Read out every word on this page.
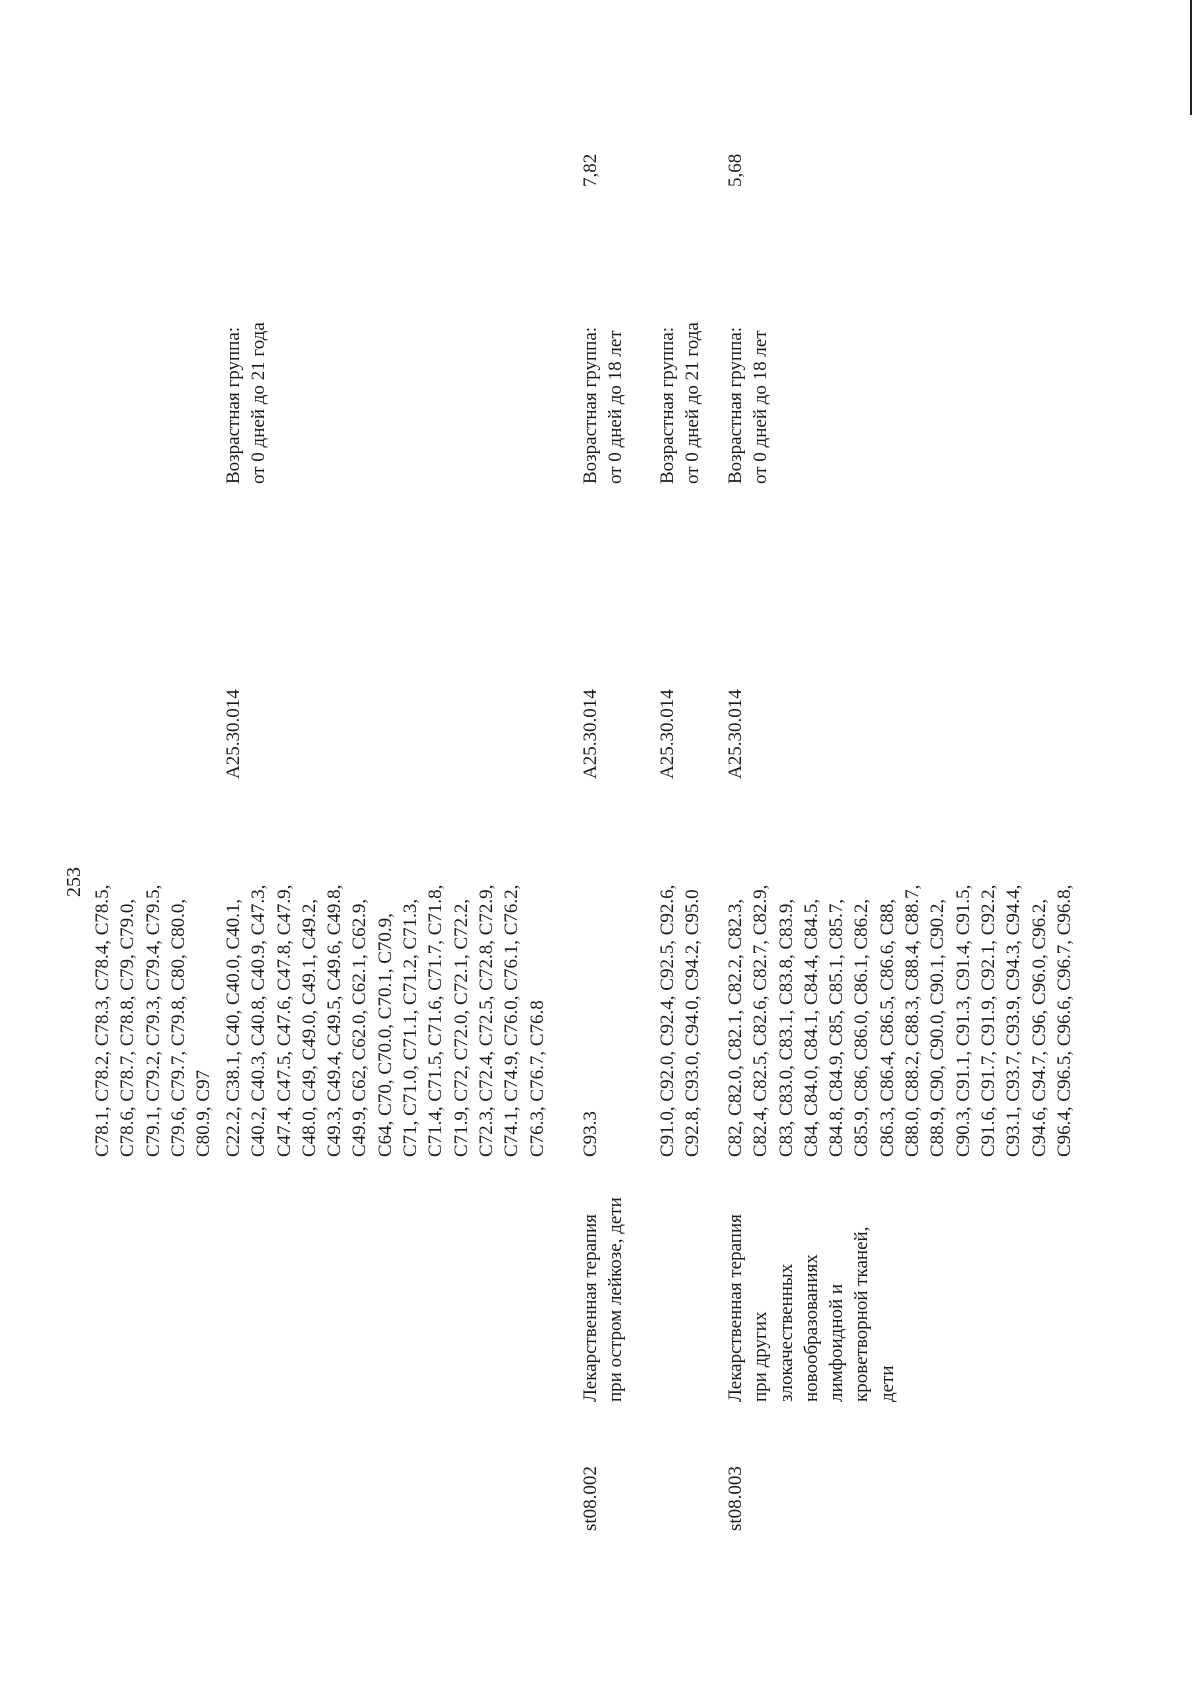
253
C78.1, C78.2, C78.3, C78.4, C78.5, C78.6, C78.7, C78.8, C79, C79.0, C79.1, C79.2, C79.3, C79.4, C79.5, C79.6, C79.7, C79.8, C80, C80.0, C80.9, C97 C22.2, C38.1, C40, C40.0, C40.1, C40.2, C40.3, C40.8, C40.9, C47.3, C47.4, C47.5, C47.6, C47.8, C47.9, C48.0, C49, C49.0, C49.1, C49.2, C49.3, C49.4, C49.5, C49.6, C49.8, C49.9, C62, C62.0, C62.1, C62.9, C64, C70, C70.0, C70.1, C70.9, C71, C71.0, C71.1, C71.2, C71.3, C71.4, C71.5, C71.6, C71.7, C71.8, C71.9, C72, C72.0, C72.1, C72.2, C72.3, C72.4, C72.5, C72.8, C72.9, C74.1, C74.9, C76.0, C76.1, C76.2, C76.3, C76.7, C76.8
A25.30.014
Возрастная группа: от 0 дней до 21 года
st08.002
Лекарственная терапия при остром лейкозе, дети
C93.3
A25.30.014
Возрастная группа: от 0 дней до 18 лет
7,82
C91.0, C92.0, C92.4, C92.5, C92.6, C92.8, C93.0, C94.0, C94.2, C95.0
A25.30.014
Возрастная группа: от 0 дней до 21 года
st08.003
Лекарственная терапия при других злокачественных новообразованиях лимфоидной и кроветворной тканей, дети
C82, C82.0, C82.1, C82.2, C82.3, C82.4, C82.5, C82.6, C82.7, C82.9, C83, C83.0, C83.1, C83.8, C83.9, C84, C84.0, C84.1, C84.4, C84.5, C84.8, C84.9, C85, C85.1, C85.7, C85.9, C86, C86.0, C86.1, C86.2, C86.3, C86.4, C86.5, C86.6, C88, C88.0, C88.2, C88.3, C88.4, C88.7, C88.9, C90, C90.0, C90.1, C90.2, C90.3, C91.1, C91.3, C91.4, C91.5, C91.6, C91.7, C91.9, C92.1, C92.2, C93.1, C93.7, C93.9, C94.3, C94.4, C94.6, C94.7, C96, C96.0, C96.2, C96.4, C96.5, C96.6, C96.7, C96.8,
A25.30.014
Возрастная группа: от 0 дней до 18 лет
5,68
